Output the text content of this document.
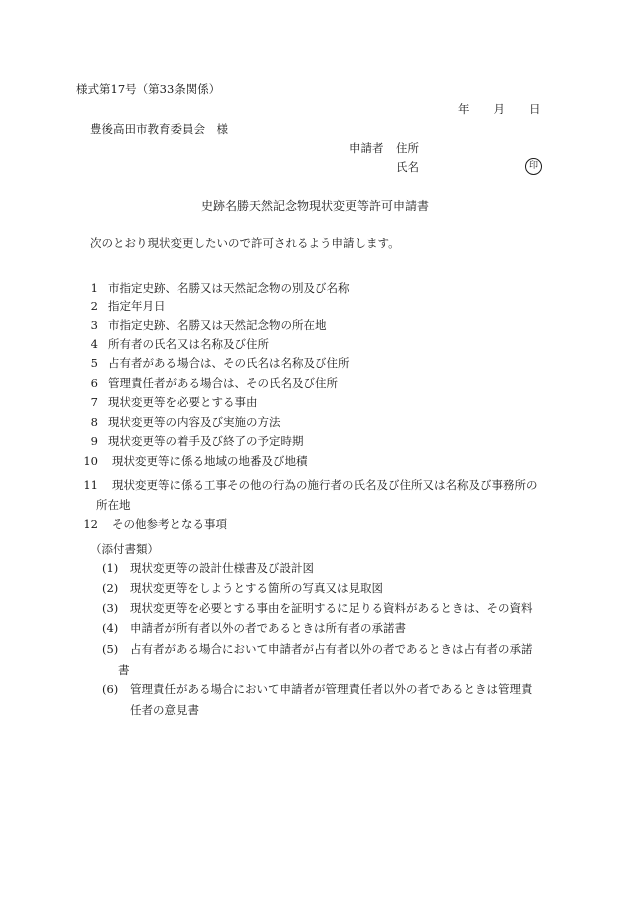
様式第17号（第33条関係）
年 月 日
豊後高田市教育委員会　様
申請者 住所
氏名	印
史跡名勝天然記念物現状変更等許可申請書
次のとおり現状変更したいので許可されるよう申請します。
（添付書類）
1 市指定史跡、名勝又は天然記念物の別及び名称
2 指定年月日
3 市指定史跡、名勝又は天然記念物の所在地
4 所有者の氏名又は名称及び住所
5 占有者がある場合は、その氏名は名称及び住所
6 管理責任者がある場合は、その氏名及び住所
7 現状変更等を必要とする事由
8 現状変更等の内容及び実施の方法
9 現状変更等の着手及び終了の予定時期
10 現状変更等に係る地域の地番及び地積
11 現状変更等に係る工事その他の行為の施行者の氏名及び住所又は名称及び事務所の
所在地
12 その他参考となる事項
(1) 現状変更等の設計仕様書及び設計図
(2) 現状変更等をしようとする箇所の写真又は見取図
(3) 現状変更等を必要とする事由を証明するに足りる資料があるときは、その資料
(4) 申請者が所有者以外の者であるときは所有者の承諾書
(5) 占有者がある場合において申請者が占有者以外の者であるときは占有者の承諾
書
(6) 管理責任がある場合において申請者が管理責任者以外の者であるときは管理責
任者の意見書
